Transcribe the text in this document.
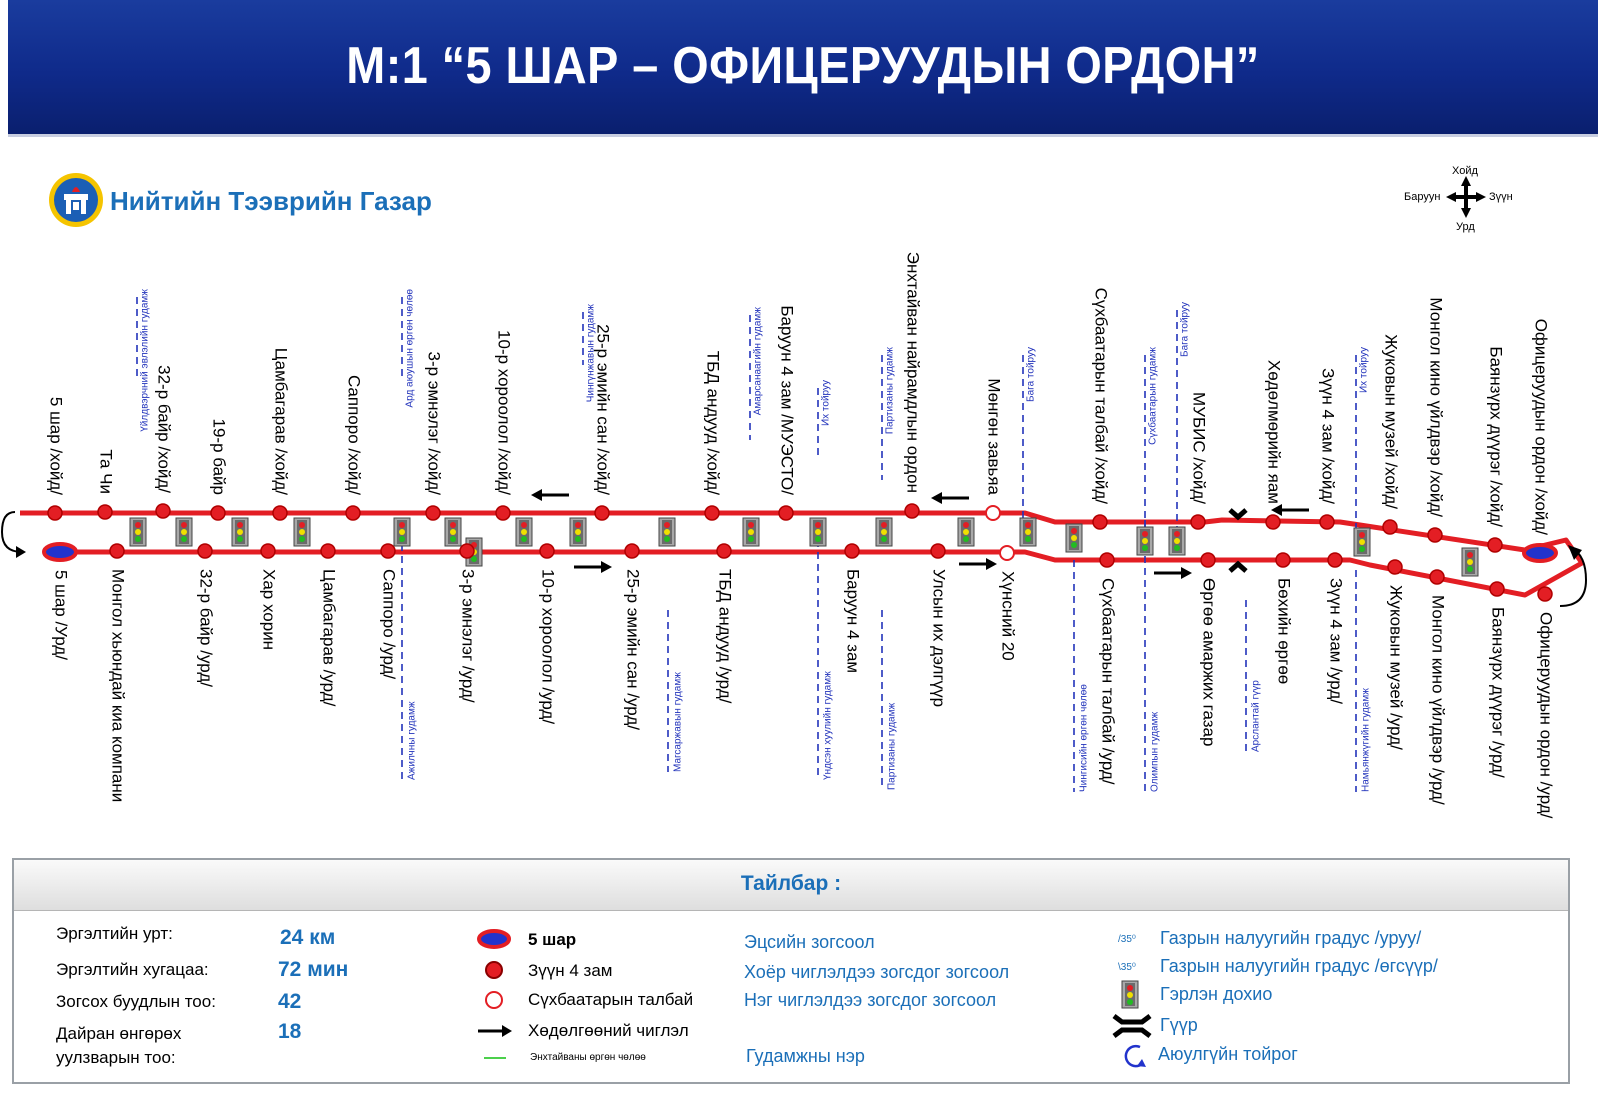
М:1 “5 ШАР – ОФИЦЕРУУДЫН ОРДОН”
Нийтийн Тээврийн Газар
Хойд
Урд
Баруун	Зүүн
Үйлдвэрчний эвлэлийн гудамж	Ард аюушын өргөн чөлөө	Чингүнжавын гудамж	Амарсанаагийн гудамж	Их тойруу	Партизаны гудамж	Бага тойруу	Сүхбаатарын гудамж
Бага тойруу
Их тойруу
Ажилчны гудамж	Магсаржавын гудамж	Үндсэн хуулийн гудамж	Партизаны гудамж	Чингисийн өргөн чөлөө	Олимпын гудамж	Арслантай гүүр	Намьянжүгийн гудамж
5 шар /хойд/ Та Чи 32-р байр /хойд/ 19-р байр	Цамбагарав /хойд/	Саппоро /хойд/	3-р эмнэлэг /хойд/	10-р хороолол /хойд/	25-р эмийн сан /хойд/	ТБД андууд /хойд/	Баруун 4 зам /МУЭСТО/	Энхтайван найрамдлын ордон	Мөнгөн завьяа	Сүхбаатарын талбай /хойд/	МУБИС /хойд/	Хөдөлмөрийн яам Зүүн 4 зам /хойд/	Жуковын музей /хойд/ Монгол кино үйлдвэр /хойд/ Баянзүрх дүүрэг /хойд/ Офицеруудын ордон /хойд/
5 шар /Урд/ Монгол хьюндай киа компани	32-р байр /урд/	Хар хорин Цамбагарав /урд/ Саппоро /урд/	3-р эмнэлэг /урд/	10-р хороолол /урд/	25-р эмийн сан /урд/	ТБД андууд /урд/	Баруун 4 зам	Улсын их дэлгүүр	Хүнсний 20	Сүхбаатарын талбай /урд/	Өргөө амаржих газар	Бөхийн өргөө Зүүн 4 зам /урд/ Жуковын музей /урд/ Монгол кино үйлдвэр /урд/ Баянзүрх дүүрэг /урд/ Офицеруудын ордон /урд/
Тайлбар :
Эргэлтийн урт:	24 км
Эргэлтийн хугацаа:	72 мин
Зогсох буудлын тоо:	42
Дайран өнгөрөх
уулзварын тоо:
18
5 шар
Зүүн 4 зам
Сүхбаатарын талбай
Хөдөлгөөний чиглэл
Энхтайваны өргөн чөлөө
Эцсийн зогсоол
Хоёр чиглэлдээ зогсдог зогсоол
Нэг чиглэлдээ зогсдог зогсоол
Гудамжны нэр
/35⁰ Газрын налуугийн градус /уруу/
\35⁰ Газрын налуугийн градус /өгсүүр/
Гэрлэн дохио
Гүүр
Аюулгүйн тойрог
